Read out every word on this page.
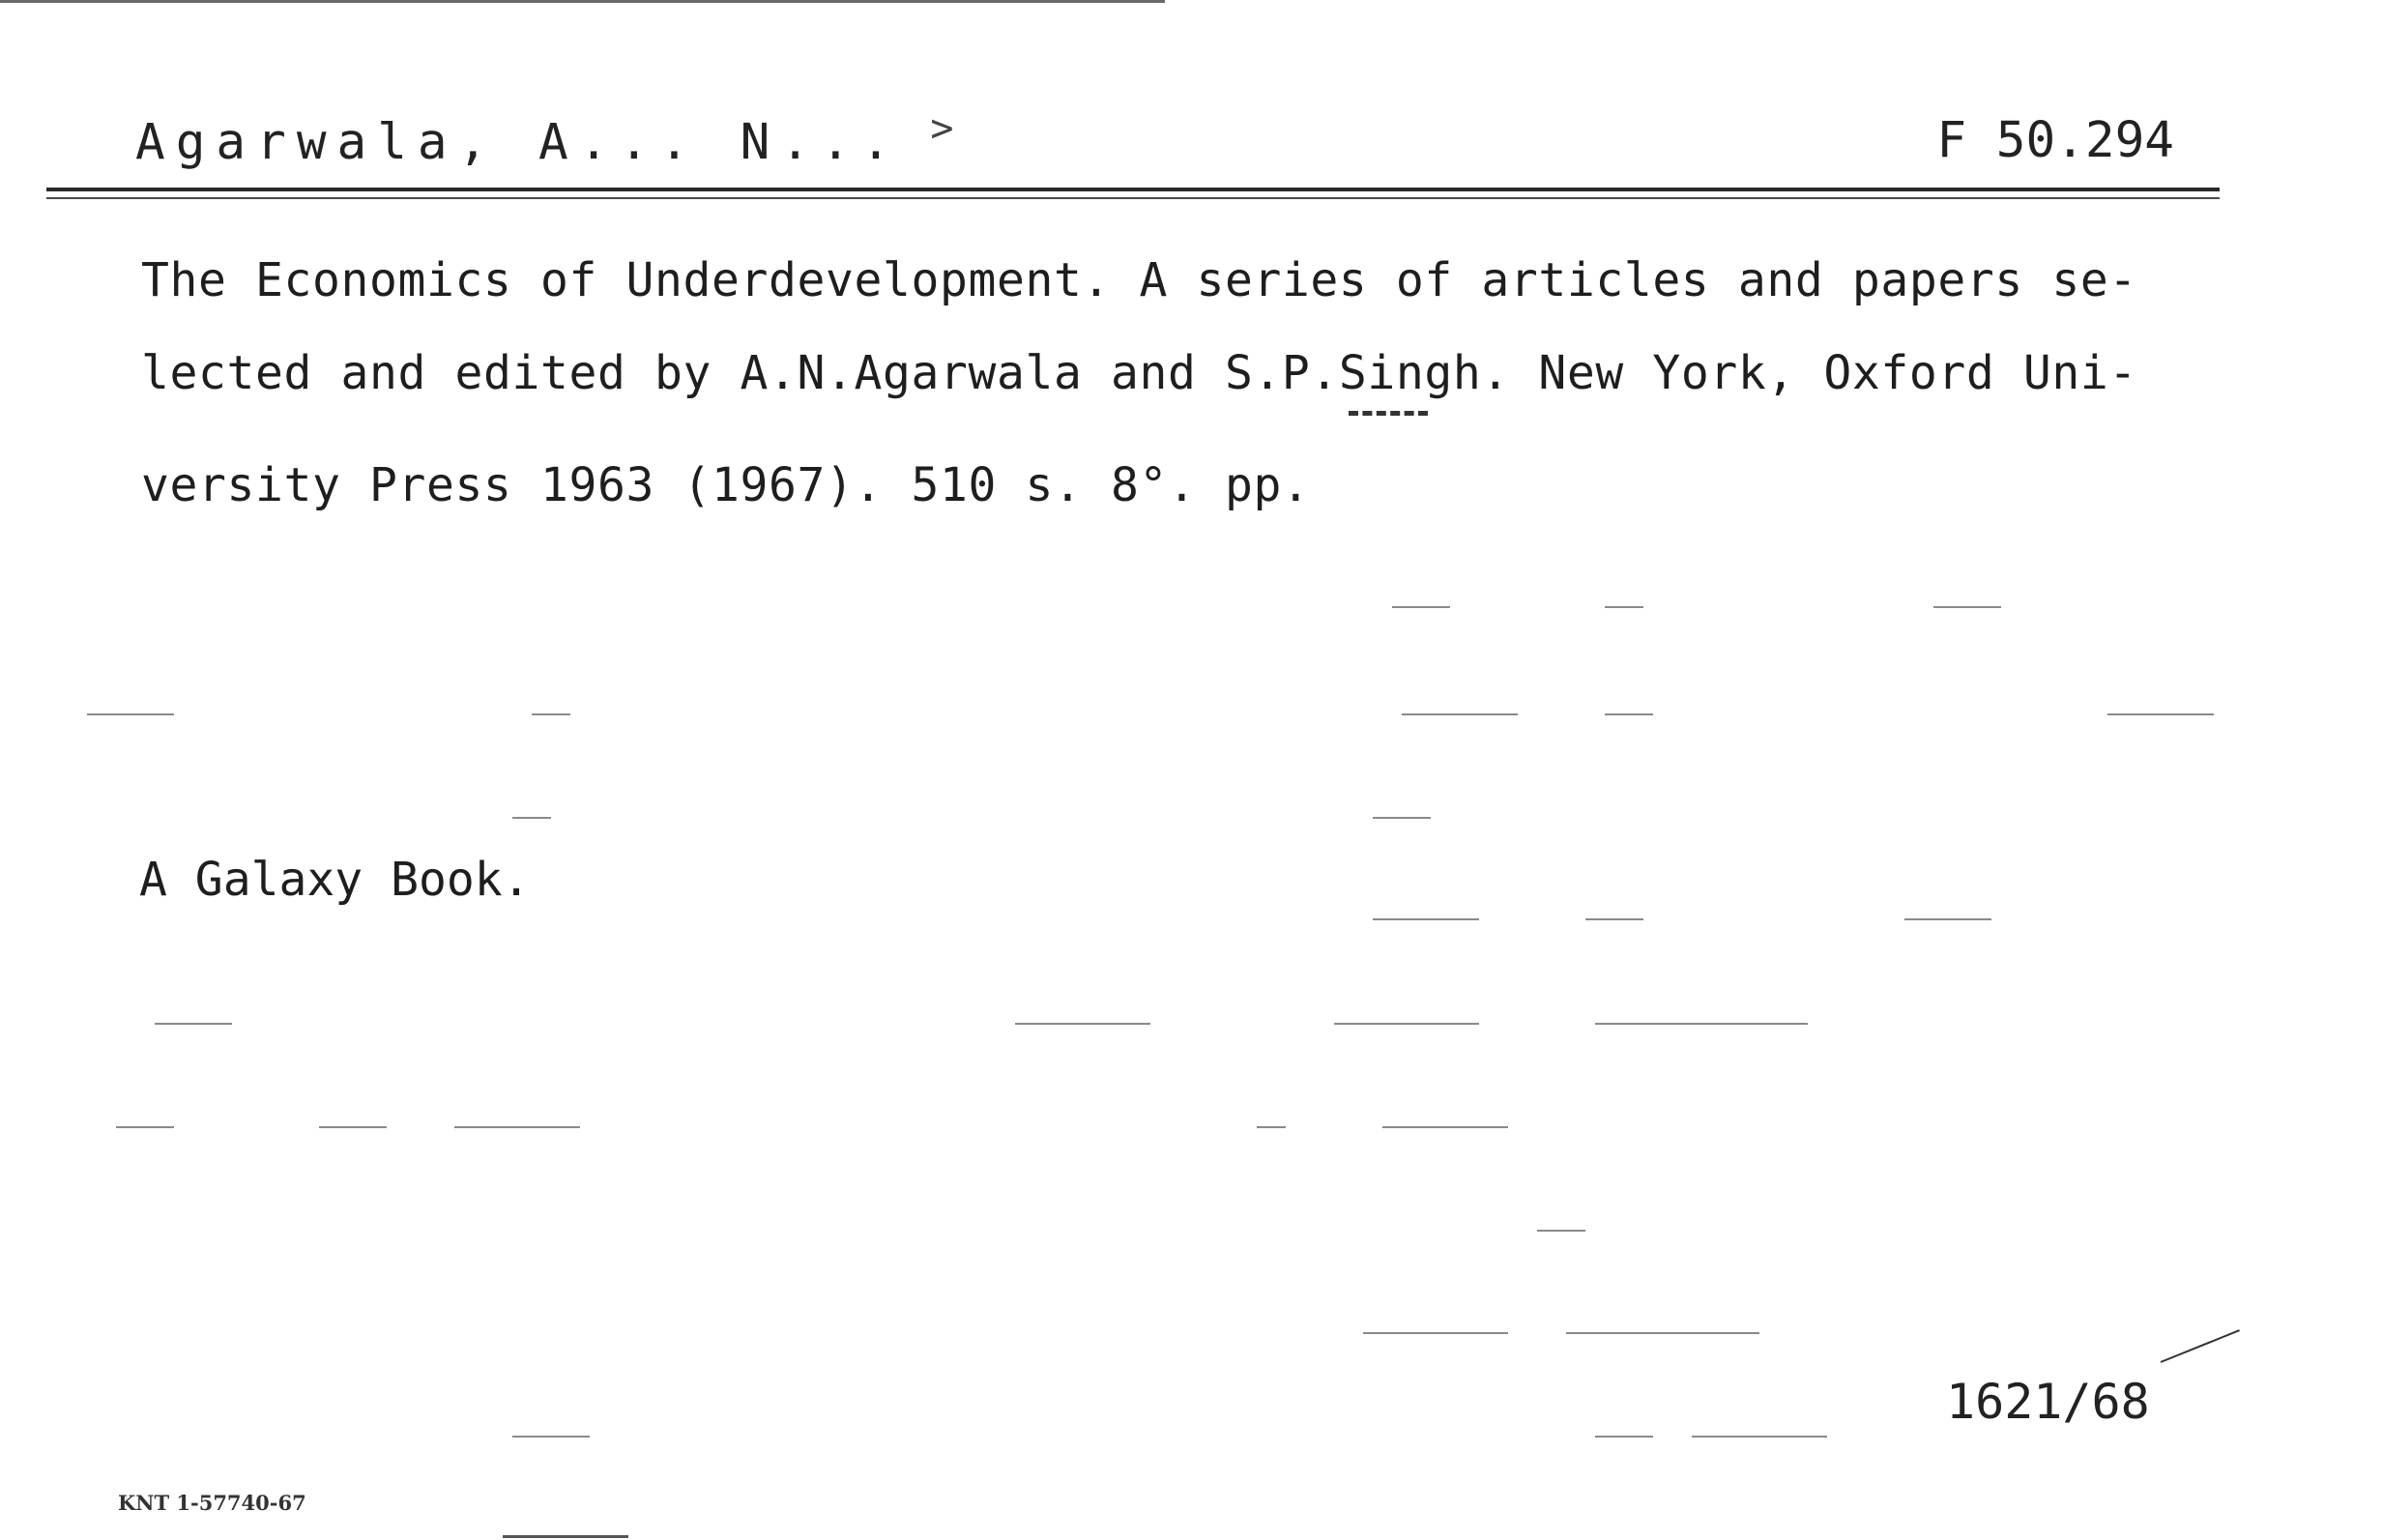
Agarwala, A... N... >	F 50.294
The Economics of Underdevelopment. A series of articles and papers se-
lected and edited by A.N.Agarwala and S.P.Singh. New York, Oxford Uni-
versity Press 1963 (1967). 510 s. 8°. pp.
A Galaxy Book.
1621/68
KNT 1-57740-67
